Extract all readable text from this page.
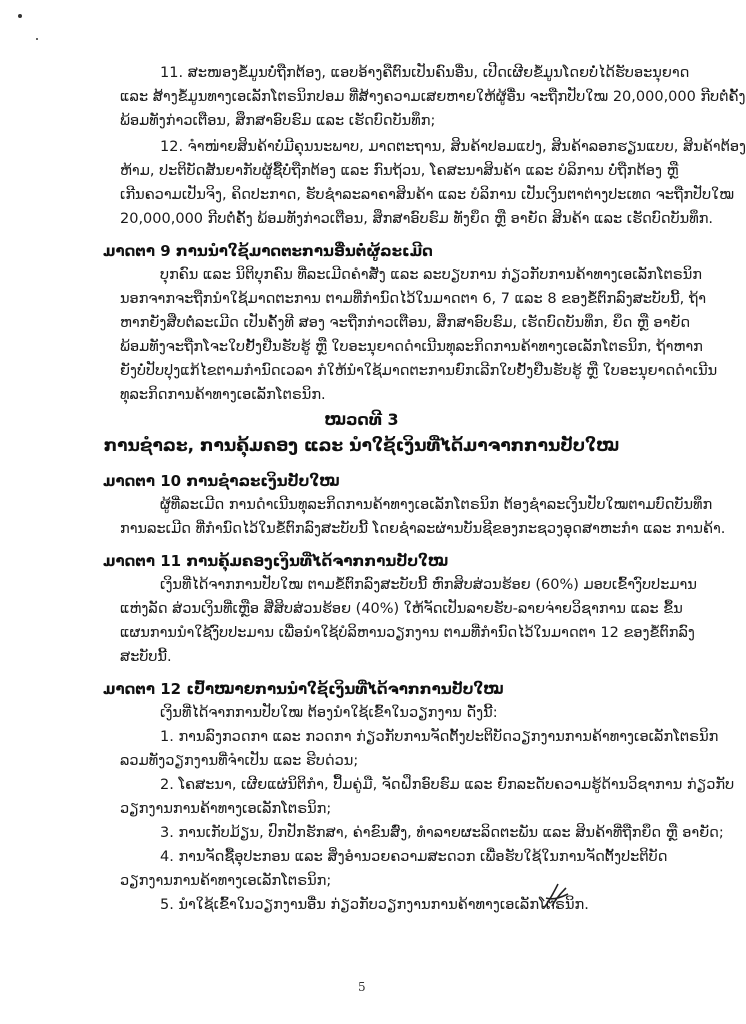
11. ສະໜອງຂໍ້ມູນບໍ່ຖືກຕ້ອງ, ແອບອ້າງຄືຕົນເປັນຄົນອື່ນ, ເປີດເຜີຍຂໍ້ມູນໂດຍບໍ່ໄດ້ຮັບອະນຸຍາດ
ແລະ ສ້າງຂໍ້ມູນທາງເອເລັກໂຕຣນິກປອມ ທີ່ສ້າງຄວາມເສຍຫາຍໃຫ້ຜູ້ອື່ນ ຈະຖືກປັບໃໝ 20,000,000 ກີບຕໍ່ຄັ້ງ
ພ້ອມທັງກ່າວເຕືອນ, ສຶກສາອົບຮົມ ແລະ ເຮັດບົດບັນທຶກ;
12. ຈຳໜ່າຍສິນຄ້າບໍ່ມີຄຸນນະພາບ, ມາດຕະຖານ, ສິນຄ້າປອມແປງ, ສິນຄ້າລອກຮຽນແບບ, ສິນຄ້າຕ້ອງ
ຫ້າມ, ປະຕິບັດສັນຍາກັບຜູ້ຊື້ບໍ່ຖືກຕ້ອງ ແລະ ກົນຖ້ວນ, ໂຄສະນາສິນຄ້າ ແລະ ບໍລິການ ບໍ່ຖືກຕ້ອງ ຫຼື
ເກີນຄວາມເປັນຈິງ, ຄິດປະກາດ, ຮັບຊຳລະລາຄາສິນຄ້າ ແລະ ບໍລິການ ເປັນເງິນຕາຕ່າງປະເທດ ຈະຖືກປັບໃໝ
20,000,000 ກີບຕໍ່ຄັ້ງ ພ້ອມທັງກ່າວເຕືອນ, ສຶກສາອົບຮົມ ທັງຍຶດ ຫຼື ອາຍັດ ສິນຄ້າ ແລະ ເຮັດບົດບັນທຶກ.
ມາດຕາ 9 ການນຳໃຊ້ມາດຕະການອື່ນຕໍ່ຜູ້ລະເມີດ
ບຸກຄົນ ແລະ ນິຕິບຸກຄົນ ທີ່ລະເມີດຄຳສັ່ງ ແລະ ລະບຽບການ ກ່ຽວກັບການຄ້າທາງເອເລັກໂຕຣນິກ
ນອກຈາກຈະຖືກນຳໃຊ້ມາດຕະການ ຕາມທີ່ກຳນົດໄວ້ໃນມາດຕາ 6, 7 ແລະ 8 ຂອງຂໍ້ຕົກລົງສະບັບນີ້, ຖ້າ
ຫາກຍັງສືບຕໍ່ລະເມີດ ເປັນຄັ້ງທີ ສອງ ຈະຖືກກ່າວເຕືອນ, ສຶກສາອົບຮົມ, ເຮັດບົດບັນທຶກ, ຍຶດ ຫຼື ອາຍັດ
ພ້ອມທັງຈະຖືກໂຈະໃບຢັ້ງຢືນຮັບຮູ້ ຫຼື ໃບອະນຸຍາດດຳເນີນທຸລະກິດການຄ້າທາງເອເລັກໂຕຣນິກ, ຖ້າຫາກ
ຍັງບໍ່ປັບປຸງແກ້ໄຂຕາມກຳນົດເວລາ ກໍໃຫ້ນຳໃຊ້ມາດຕະການຍົກເລີກໃບຢັ້ງຢືນຮັບຮູ້ ຫຼື ໃບອະນຸຍາດດຳເນີນ
ທຸລະກິດການຄ້າທາງເອເລັກໂຕຣນິກ.
ໝວດທີ 3
ການຊຳລະ, ການຄຸ້ມຄອງ ແລະ ນຳໃຊ້ເງິນທີ່ໄດ້ມາຈາກການປັບໃໝ
ມາດຕາ 10 ການຊຳລະເງິນປັບໃໝ
ຜູ້ທີ່ລະເມີດ ການດຳເນີນທຸລະກິດການຄ້າທາງເອເລັກໂຕຣນິກ ຕ້ອງຊຳລະເງິນປັບໃໝຕາມບົດບັນທຶກ
ການລະເມີດ ທີ່ກຳນົດໄວ້ໃນຂໍ້ຕົກລົງສະບັບນີ້ ໂດຍຊຳລະຜ່ານບັນຊີຂອງກະຊວງອຸດສາຫະກຳ ແລະ ການຄ້າ.
ມາດຕາ 11 ການຄຸ້ມຄອງເງິນທີ່ໄດ້ຈາກການປັບໃໝ
ເງິນທີ່ໄດ້ຈາກການປັບໃໝ ຕາມຂໍ້ຕົກລົງສະບັບນີ້ ຫົກສິບສ່ວນຮ້ອຍ (60%) ມອບເຂົ້າງົບປະມານ
ແຫ່ງລັດ ສ່ວນເງິນທີ່ເຫຼືອ ສີ່ສິບສ່ວນຮ້ອຍ (40%) ໃຫ້ຈັດເປັນລາຍຮັບ-ລາຍຈ່າຍວິຊາການ ແລະ ຂຶ້ນ
ແຜນການນຳໃຊ້ງົບປະມານ ເພື່ອນຳໃຊ້ບໍລິຫານວຽກງານ ຕາມທີ່ກຳນົດໄວ້ໃນມາດຕາ 12 ຂອງຂໍ້ຕົກລົງ
ສະບັບນີ້.
ມາດຕາ 12 ເປົ້າໝາຍການນຳໃຊ້ເງິນທີ່ໄດ້ຈາກການປັບໃໝ
ເງິນທີ່ໄດ້ຈາກການປັບໃໝ ຕ້ອງນຳໃຊ້ເຂົ້າໃນວຽກງານ ດັ່ງນີ້:
1. ການລົງກວດກາ ແລະ ກວດກາ ກ່ຽວກັບການຈັດຕັ້ງປະຕິບັດວຽກງານການຄ້າທາງເອເລັກໂຕຣນິກ
ລວມທັງວຽກງານທີ່ຈຳເປັນ ແລະ ຮີບດ່ວນ;
2. ໂຄສະນາ, ເຜີຍແຜ່ນິຕິກຳ, ປຶ້ມຄູ່ມື, ຈັດຝຶກອົບຮົມ ແລະ ຍົກລະດັບຄວາມຮູ້ດ້ານວິຊາການ ກ່ຽວກັບ
ວຽກງານການຄ້າທາງເອເລັກໂຕຣນິກ;
3. ການເກັບມ້ຽນ, ປົກປັກຮັກສາ, ຄ່າຂົນສົ່ງ, ທຳລາຍຜະລິດຕະພັນ ແລະ ສິນຄ້າທີ່ຖືກຍຶດ ຫຼື ອາຍັດ;
4. ການຈັດຊື້ອຸປະກອນ ແລະ ສິ່ງອຳນວຍຄວາມສະດວກ ເພື່ອຮັບໃຊ້ໃນການຈັດຕັ້ງປະຕິບັດ
ວຽກງານການຄ້າທາງເອເລັກໂຕຣນິກ;
5. ນຳໃຊ້ເຂົ້າໃນວຽກງານອື່ນ ກ່ຽວກັບວຽກງານການຄ້າທາງເອເລັກໂຕຣນິກ.
5
